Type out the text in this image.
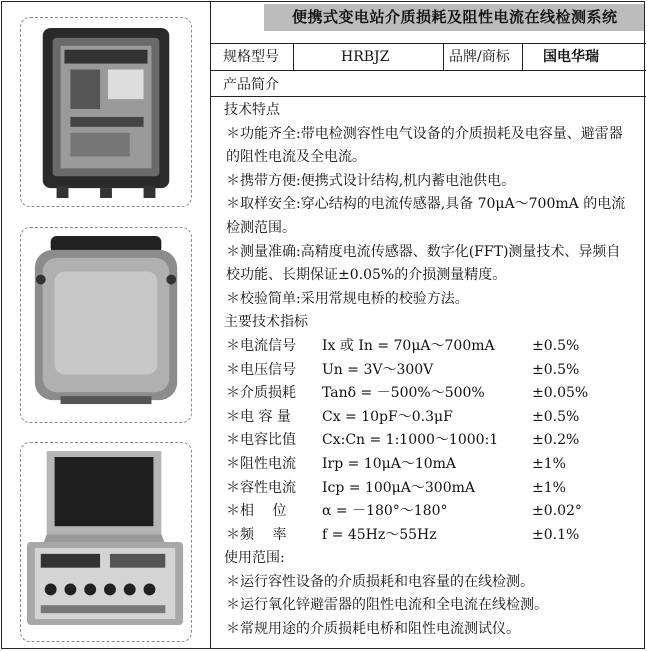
便携式变电站介质损耗及阻性电流在线检测系统
规格型号	HRBJZ	品牌/商标 国电华瑞
产品简介
技术特点
＊功能齐全:带电检测容性电气设备的介质损耗及电容量、避雷器
的阻性电流及全电流。
＊携带方便:便携式设计结构,机内蓄电池供电。
＊取样安全:穿心结构的电流传感器,具备 70μA～700mA 的电流
检测范围。
＊测量准确:高精度电流传感器、数字化(FFT)测量技术、异频自
校功能、长期保证±0.05%的介损测量精度。
＊校验简单:采用常规电桥的校验方法。
主要技术指标
＊电流信号 Ix 或 In = 70μA～700mA	±0.5%
＊电压信号 Un = 3V～300V	±0.5%
＊介质损耗 Tanδ = －500%～500%	±0.05%
＊电 容 量 Cx = 10pF～0.3μF	±0.5%
＊电容比值 Cx:Cn = 1:1000～1000:1 ±0.2%
＊阻性电流 Irp = 10μA～10mA	±1%
＊容性电流 Icp = 100μA～300mA	±1%
＊相　 位	α = －180°～180°	±0.02°
＊频　 率	f = 45Hz～55Hz	±0.1%
使用范围:
＊运行容性设备的介质损耗和电容量的在线检测。
＊运行氧化锌避雷器的阻性电流和全电流在线检测。
＊常规用途的介质损耗电桥和阻性电流测试仪。
